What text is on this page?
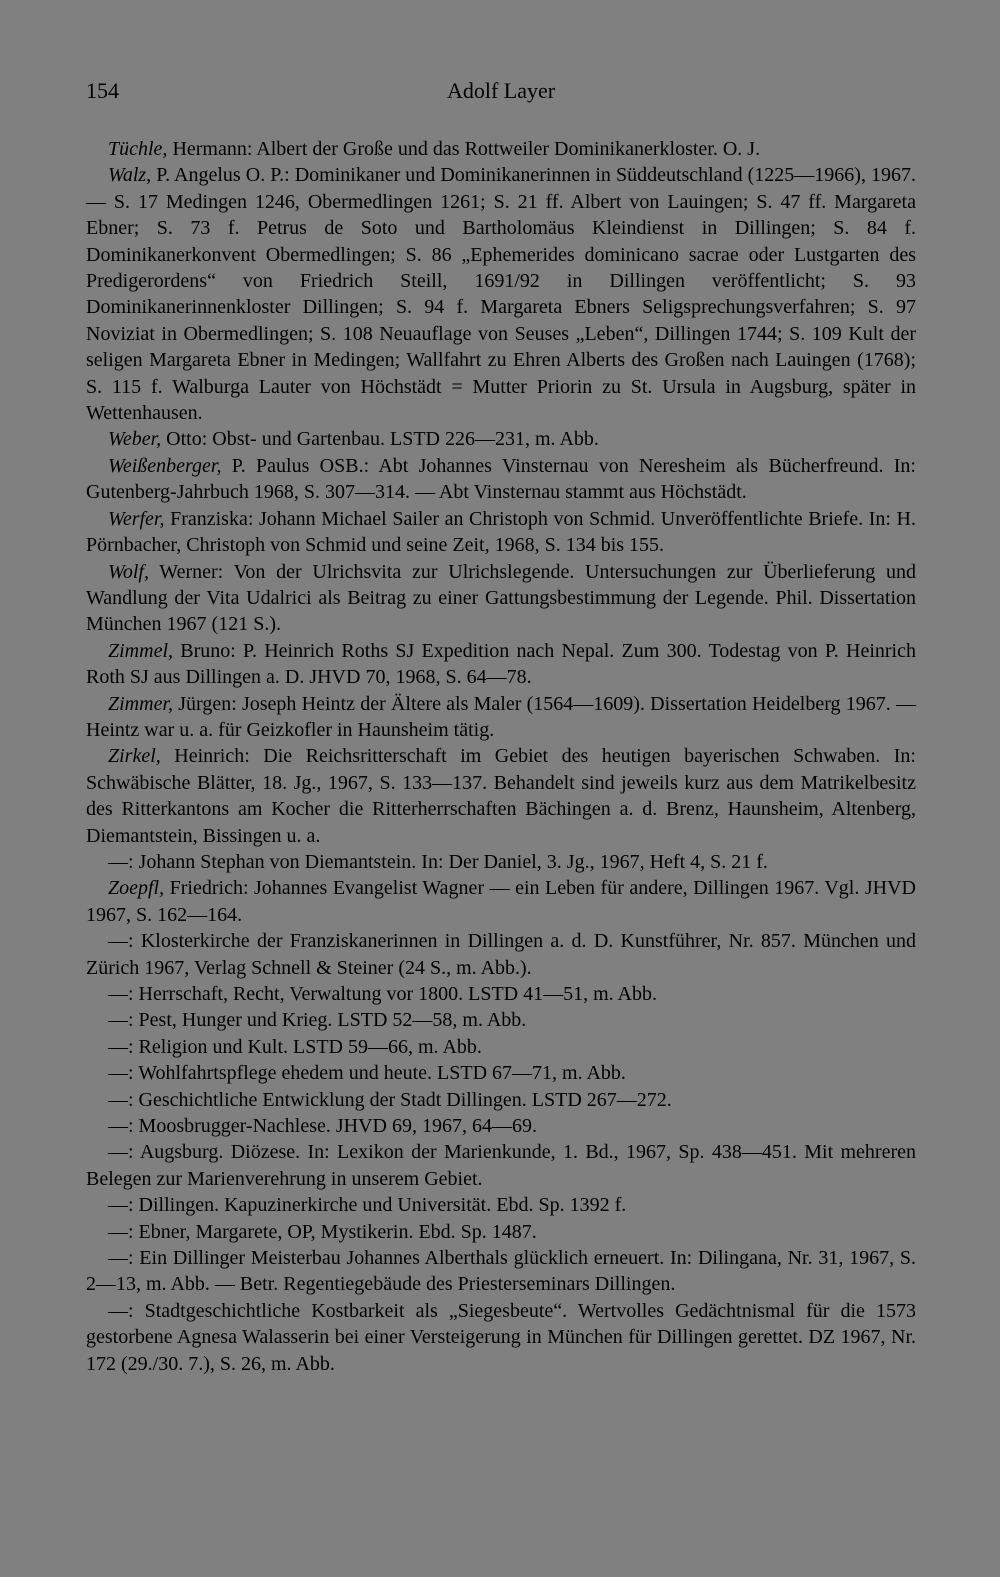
154	Adolf Layer

Tüchle, Hermann: Albert der Große und das Rottweiler Dominikanerkloster. O. J.

Walz, P. Angelus O. P.: Dominikaner und Dominikanerinnen in Süddeutschland (1225—1966), 1967. — S. 17 Medingen 1246, Obermedlingen 1261; S. 21 ff. Albert von Lauingen; S. 47 ff. Margareta Ebner; S. 73 f. Petrus de Soto und Bartholomäus Kleindienst in Dillingen; S. 84 f. Dominikanerkonvent Obermedlingen; S. 86 „Ephemerides dominicano sacrae oder Lustgarten des Predigerordens“ von Friedrich Steill, 1691/92 in Dillingen veröffentlicht; S. 93 Dominikanerinnenkloster Dillingen; S. 94 f. Margareta Ebners Seligsprechungsverfahren; S. 97 Noviziat in Obermedlingen; S. 108 Neuauflage von Seuses „Leben“, Dillingen 1744; S. 109 Kult der seligen Margareta Ebner in Medingen; Wallfahrt zu Ehren Alberts des Großen nach Lauingen (1768); S. 115 f. Walburga Lauter von Höchstädt = Mutter Priorin zu St. Ursula in Augsburg, später in Wettenhausen.

Weber, Otto: Obst- und Gartenbau. LSTD 226—231, m. Abb.

Weißenberger, P. Paulus OSB.: Abt Johannes Vinsternau von Neresheim als Bücherfreund. In: Gutenberg-Jahrbuch 1968, S. 307—314. — Abt Vinsternau stammt aus Höchstädt.

Werfer, Franziska: Johann Michael Sailer an Christoph von Schmid. Unveröffentlichte Briefe. In: H. Pörnbacher, Christoph von Schmid und seine Zeit, 1968, S. 134 bis 155.

Wolf, Werner: Von der Ulrichsvita zur Ulrichslegende. Untersuchungen zur Überlieferung und Wandlung der Vita Udalrici als Beitrag zu einer Gattungsbestimmung der Legende. Phil. Dissertation München 1967 (121 S.).

Zimmel, Bruno: P. Heinrich Roths SJ Expedition nach Nepal. Zum 300. Todestag von P. Heinrich Roth SJ aus Dillingen a. D. JHVD 70, 1968, S. 64—78.

Zimmer, Jürgen: Joseph Heintz der Ältere als Maler (1564—1609). Dissertation Heidelberg 1967. — Heintz war u. a. für Geizkofler in Haunsheim tätig.

Zirkel, Heinrich: Die Reichsritterschaft im Gebiet des heutigen bayerischen Schwaben. In: Schwäbische Blätter, 18. Jg., 1967, S. 133—137. Behandelt sind jeweils kurz aus dem Matrikelbesitz des Ritterkantons am Kocher die Ritterherrschaften Bächingen a. d. Brenz, Haunsheim, Altenberg, Diemantstein, Bissingen u. a.

—: Johann Stephan von Diemantstein. In: Der Daniel, 3. Jg., 1967, Heft 4, S. 21 f.

Zoepfl, Friedrich: Johannes Evangelist Wagner — ein Leben für andere, Dillingen 1967. Vgl. JHVD 1967, S. 162—164.

—: Klosterkirche der Franziskanerinnen in Dillingen a. d. D. Kunstführer, Nr. 857. München und Zürich 1967, Verlag Schnell & Steiner (24 S., m. Abb.).

—: Herrschaft, Recht, Verwaltung vor 1800. LSTD 41—51, m. Abb.

—: Pest, Hunger und Krieg. LSTD 52—58, m. Abb.

—: Religion und Kult. LSTD 59—66, m. Abb.

—: Wohlfahrtspflege ehedem und heute. LSTD 67—71, m. Abb.

—: Geschichtliche Entwicklung der Stadt Dillingen. LSTD 267—272.

—: Moosbrugger-Nachlese. JHVD 69, 1967, 64—69.

—: Augsburg. Diözese. In: Lexikon der Marienkunde, 1. Bd., 1967, Sp. 438—451. Mit mehreren Belegen zur Marienverehrung in unserem Gebiet.

—: Dillingen. Kapuzinerkirche und Universität. Ebd. Sp. 1392 f.

—: Ebner, Margarete, OP, Mystikerin. Ebd. Sp. 1487.

—: Ein Dillinger Meisterbau Johannes Alberthals glücklich erneuert. In: Dilingana, Nr. 31, 1967, S. 2—13, m. Abb. — Betr. Regentiegebäude des Priesterseminars Dillingen.

—: Stadtgeschichtliche Kostbarkeit als „Siegesbeute“. Wertvolles Gedächtnismal für die 1573 gestorbene Agnesa Walasserin bei einer Versteigerung in München für Dillingen gerettet. DZ 1967, Nr. 172 (29./30. 7.), S. 26, m. Abb.
